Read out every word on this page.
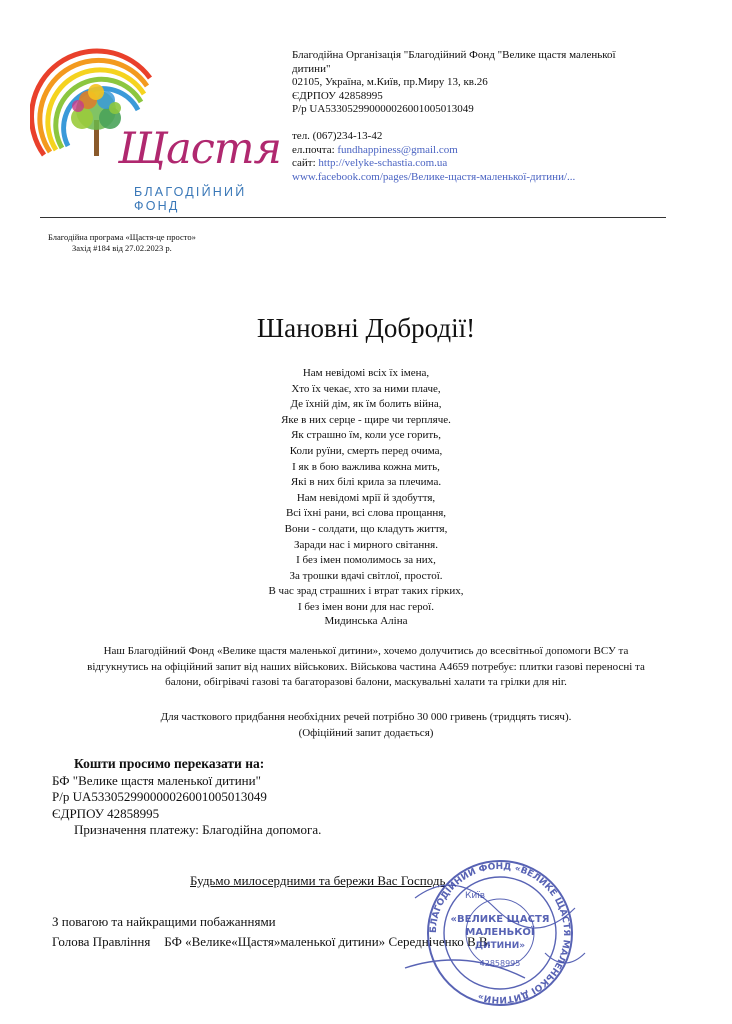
Щастя
БЛАГОДІЙНИЙ ФОНД
Благодійна Організація "Благодійний Фонд "Велике щастя маленької
дитини"
02105, Україна, м.Київ, пр.Миру 13, кв.26
ЄДРПОУ 42858995
Р/р UA533052990000026001005013049
тел. (067)234-13-42
ел.почта: fundhappiness@gmail.com
сайт: http://velyke-schastia.com.ua
www.facebook.com/pages/Велике-щастя-маленької-дитини/...
Благодійна програма «Щастя-це просто»
Захід #184 від 27.02.2023 р.
Шановні Добродії!
Нам невідомі всіх їх імена,
Хто їх чекає, хто за ними плаче,
Де їхній дім, як їм болить війна,
Яке в них серце - щире чи терпляче.
Як страшно їм, коли усе горить,
Коли руїни, смерть перед очима,
І як в бою важлива кожна мить,
Які в них білі крила за плечима.
Нам невідомі мрії й здобуття,
Всі їхні рани, всі слова прощання,
Вони - солдати, що кладуть життя,
Заради нас і мирного світання.
І без імен помолимось за них,
За трошки вдачі світлої, простої.
В час зрад страшних і втрат таких гірких,
І без імен вони для нас герої.
Мидинська Аліна
Наш Благодійний Фонд «Велике щастя маленької дитини», хочемо долучитись до всесвітньої допомоги ВСУ та
відгукнутись на офіційний запит від наших військових. Військова частина А4659 потребує: плитки газові переносні та
балони, обігрівачі газові та багаторазові балони, маскувальні халати та грілки для ніг.
Для часткового придбання необхідних речей потрібно 30 000 гривень (тридцять тисяч).
(Офіційний запит додається)
Кошти просимо переказати на:
БФ "Велике щастя маленької дитини"
Р/р UA533052990000026001005013049
ЄДРПОУ 42858995
Призначення платежу: Благодійна допомога.
Будьмо милосердними та бережи Вас Господь
З повагою та найкращими побажаннями
Голова Правління БФ «Велике«Щастя»маленької дитини» Середніченко В.В.
БЛАГОДІЙНИЙ ФОНД «ВЕЛИКЕ ЩАСТЯ МАЛЕНЬКОЇ ДИТИНИ»
«ВЕЛИКЕ ЩАСТЯ
МАЛЕНЬКОЇ
ДИТИНИ»
42858995
Київ
